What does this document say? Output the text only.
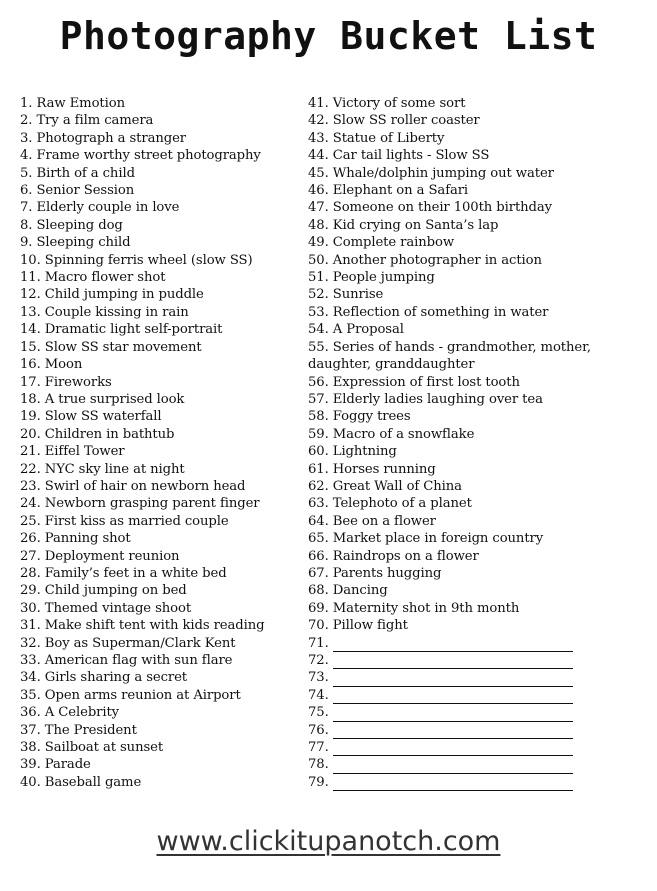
Photography Bucket List
1. Raw Emotion
2. Try a film camera
3. Photograph a stranger
4. Frame worthy street photography
5. Birth of a child
6. Senior Session
7. Elderly couple in love
8. Sleeping dog
9. Sleeping child
10. Spinning ferris wheel (slow SS)
11. Macro flower shot
12. Child jumping in puddle
13. Couple kissing in rain
14. Dramatic light self-portrait
15. Slow SS star movement
16. Moon
17. Fireworks
18. A true surprised look
19. Slow SS waterfall
20. Children in bathtub
21. Eiffel Tower
22. NYC sky line at night
23. Swirl of hair on newborn head
24. Newborn grasping parent finger
25. First kiss as married couple
26. Panning shot
27. Deployment reunion
28. Family’s feet in a white bed
29. Child jumping on bed
30. Themed vintage shoot
31. Make shift tent with kids reading
32. Boy as Superman/Clark Kent
33. American flag with sun flare
34. Girls sharing a secret
35. Open arms reunion at Airport
36. A Celebrity
37. The President
38. Sailboat at sunset
39. Parade
40. Baseball game
41. Victory of some sort
42. Slow SS roller coaster
43. Statue of Liberty
44. Car tail lights - Slow SS
45. Whale/dolphin jumping out water
46. Elephant on a Safari
47. Someone on their 100th birthday
48. Kid crying on Santa’s lap
49. Complete rainbow
50. Another photographer in action
51. People jumping
52. Sunrise
53. Reflection of something in water
54. A Proposal
55. Series of hands - grandmother, mother, daughter, granddaughter
56. Expression of first lost tooth
57. Elderly ladies laughing over tea
58. Foggy trees
59. Macro of a snowflake
60. Lightning
61. Horses running
62. Great Wall of China
63. Telephoto of a planet
64. Bee on a flower
65. Market place in foreign country
66. Raindrops on a flower
67. Parents hugging
68. Dancing
69. Maternity shot in 9th month
70. Pillow fight
71.
72.
73.
74.
75.
76.
77.
78.
79.
www.clickitupanotch.com
